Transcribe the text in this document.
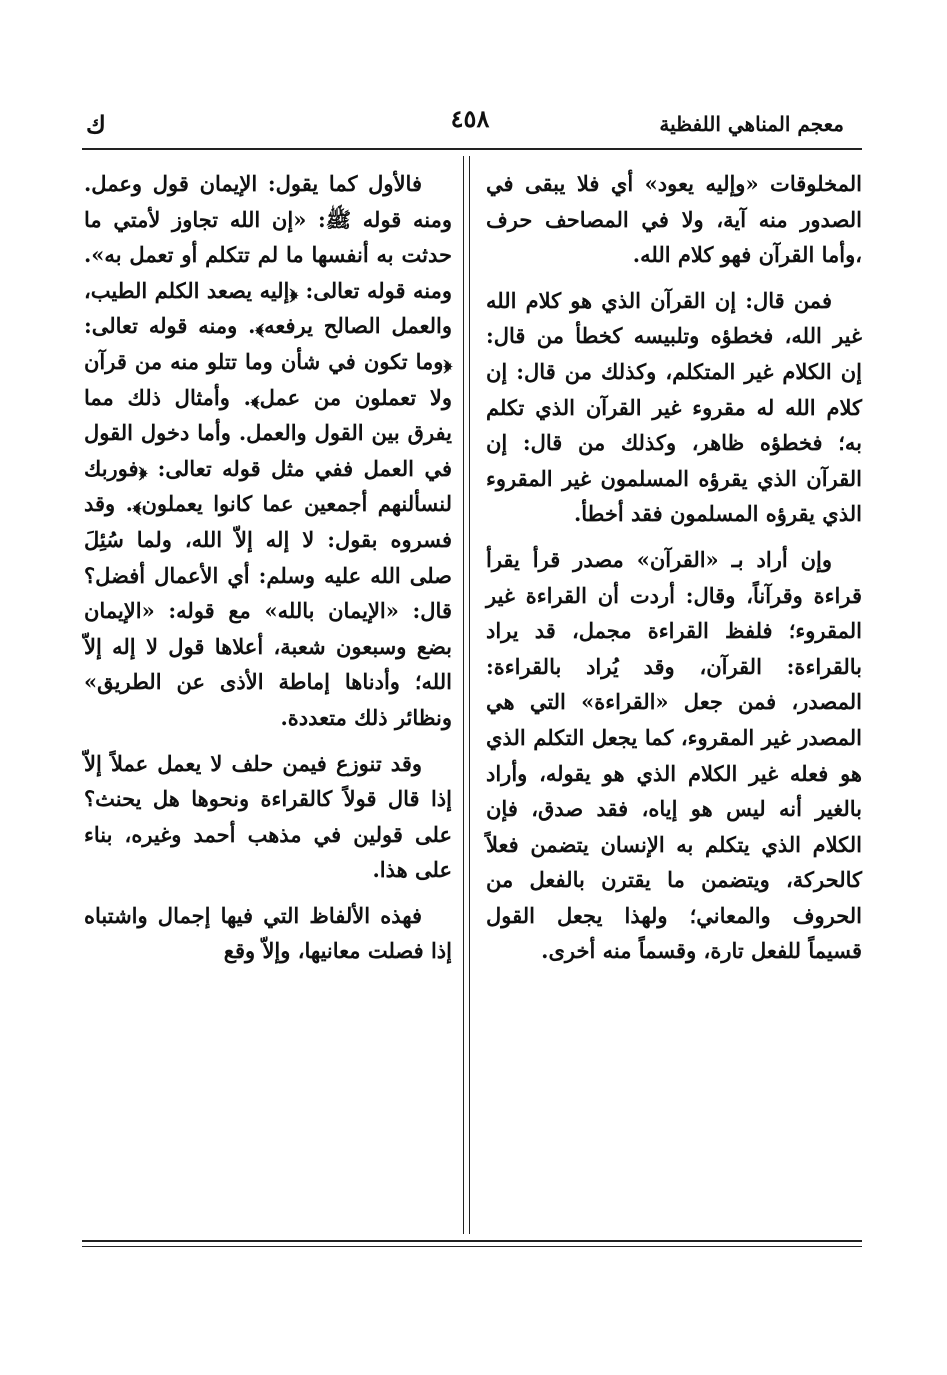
معجم المناهي اللفظية
٤٥٨
ك

المخلوقات «وإليه يعود» أي فلا يبقى في الصدور منه آية، ولا في المصاحف حرف ،وأما القرآن فهو كلام الله.

فمن قال: إن القرآن الذي هو كلام الله غير الله، فخطؤه وتلبيسه كخطأ من قال: إن الكلام غير المتكلم، وكذلك من قال: إن كلام الله له مقروء غير القرآن الذي تكلم به؛ فخطؤه ظاهر، وكذلك من قال: إن القرآن الذي يقرؤه المسلمون غير المقروء الذي يقرؤه المسلمون فقد أخطأ.

وإن أراد بـ «القرآن» مصدر قرأ يقرأ قراءة وقرآناً، وقال: أردت أن القراءة غير المقروء؛ فلفظ القراءة مجمل، قد يراد بالقراءة: القرآن، وقد يُراد بالقراءة: المصدر، فمن جعل «القراءة» التي هي المصدر غير المقروء، كما يجعل التكلم الذي هو فعله غير الكلام الذي هو يقوله، وأراد بالغير أنه ليس هو إياه، فقد صدق، فإن الكلام الذي يتكلم به الإنسان يتضمن فعلاً كالحركة، ويتضمن ما يقترن بالفعل من الحروف والمعاني؛ ولهذا يجعل القول قسيماً للفعل تارة، وقسماً منه أخرى.

فالأول كما يقول: الإيمان قول وعمل. ومنه قوله ﷺ: «إن الله تجاوز لأمتي ما حدثت به أنفسها ما لم تتكلم أو تعمل به». ومنه قوله تعالى: ﴿إليه يصعد الكلم الطيب، والعمل الصالح يرفعه﴾. ومنه قوله تعالى: ﴿وما تكون في شأن وما تتلو منه من قرآن ولا تعملون من عمل﴾. وأمثال ذلك مما يفرق بين القول والعمل. وأما دخول القول في العمل ففي مثل قوله تعالى: ﴿فوربك لنسألنهم أجمعين عما كانوا يعملون﴾. وقد فسروه بقول: لا إله إلاّ الله، ولما سُئِلَ صلى الله عليه وسلم: أي الأعمال أفضل؟ قال: «الإيمان بالله» مع قوله: «الإيمان بضع وسبعون شعبة، أعلاها قول لا إله إلاّ الله؛ وأدناها إماطة الأذى عن الطريق» ونظائر ذلك متعددة.

وقد تنوزع فيمن حلف لا يعمل عملاً إلاّ إذا قال قولاً كالقراءة ونحوها هل يحنث؟ على قولين في مذهب أحمد وغيره، بناء على هذا.

فهذه الألفاظ التي فيها إجمال واشتباه إذا فصلت معانيها، وإلاّ وقع
